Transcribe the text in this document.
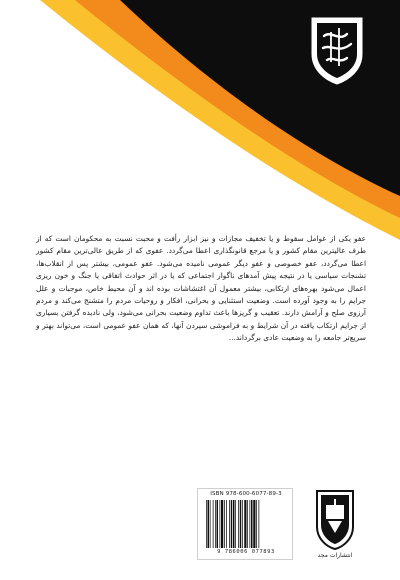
عفو یکی از عوامل سقوط و یا تخفیف مجازات و نیز ابزار رأفت و محبت نسبت به محکومان است که از طرف عالیترین مقام کشور و یا مرجع قانونگذاری اعطا می‌گردد. عفوی که از طریق عالی‌ترین مقام کشور اعطا می‌گردد، عفو خصوصی و عفو دیگر عمومی نامیده می‌شود. عفو عمومی، بیشتر پس از انقلاب‌ها، تشنجات سیاسی یا در نتیجه پیش آمدهای ناگوار اجتماعی که یا در اثر حوادث اتفاقی یا جنگ و خون ریزی اعمال می‌شود بهره‌های ارتکابی، بیشتر معمول آن اغتشاشات بوده اند و آن محیط خاص، موجبات و علل جرایم را به وجود آورده است. وضعیت استثنایی و بحرانی، افکار و روحیات مردم را متشنج می‌کند و مردم آرزوی صلح و آرامش دارند. تعقیب و گریزها باعث تداوم وضعیت بحرانی می‌شود، ولی نادیده گرفتن بسیاری از جرایم ارتکاب یافته در آن شرایط و به فراموشی سپردن آنها، که همان عفو عمومی است، می‌تواند بهتر و سریع‌تر جامعه را به وضعیت عادی برگرداند...

ISBN 978-600-6077-89-3
9 786006 077893	انتشارات مجد
